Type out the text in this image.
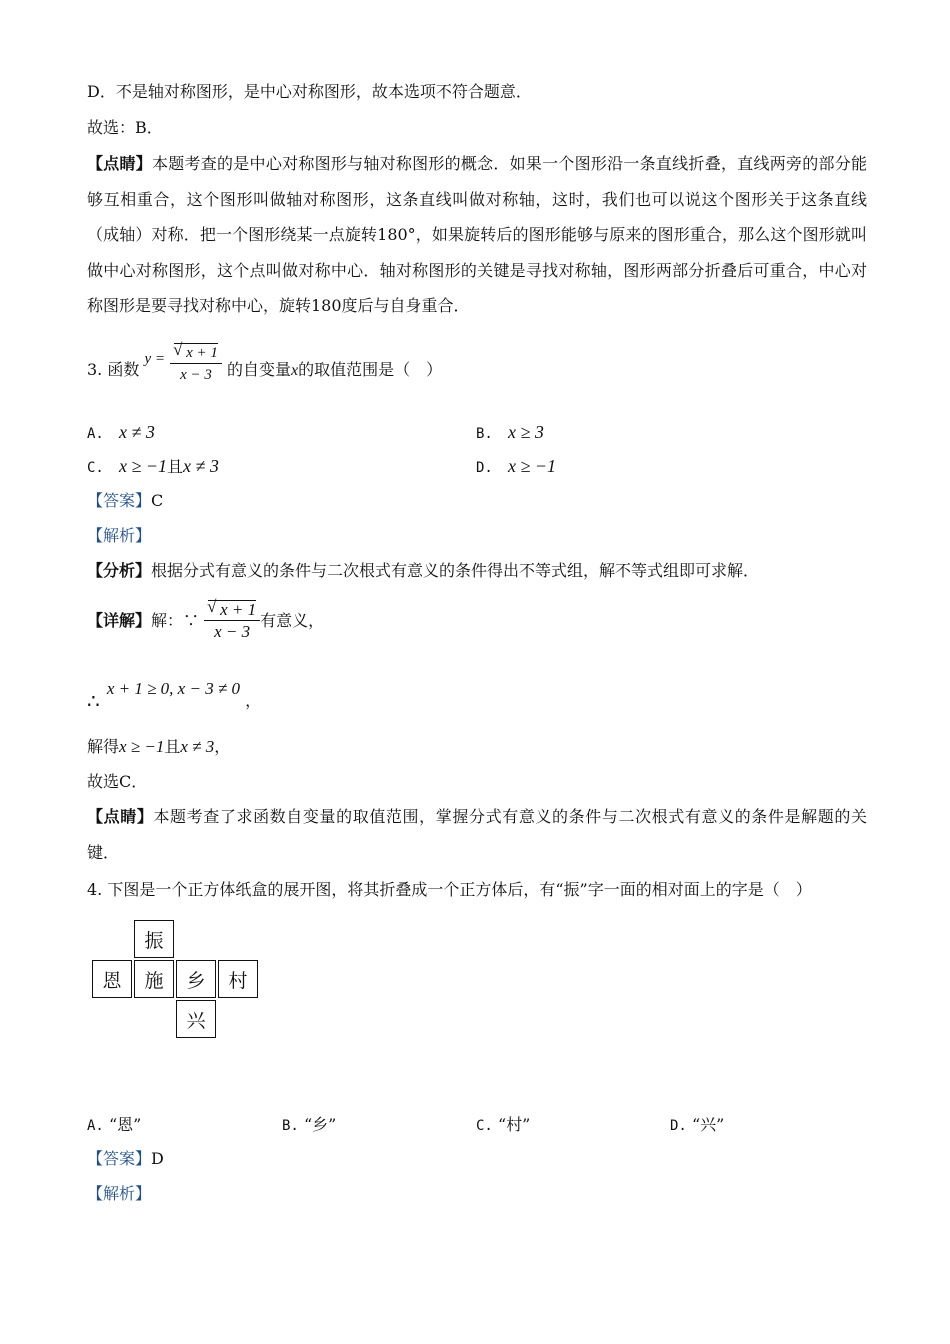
D．不是轴对称图形，是中心对称图形，故本选项不符合题意．
故选：B．
【点睛】本题考查的是中心对称图形与轴对称图形的概念．如果一个图形沿一条直线折叠，直线两旁的部分能够互相重合，这个图形叫做轴对称图形，这条直线叫做对称轴，这时，我们也可以说这个图形关于这条直线（成轴）对称．把一个图形绕某一点旋转180°，如果旋转后的图形能够与原来的图形重合，那么这个图形就叫做中心对称图形，这个点叫做对称中心．轴对称图形的关键是寻找对称轴，图形两部分折叠后可重合，中心对称图形是要寻找对称中心，旋转180度后与自身重合．
3. 函数 y = √ $\frac{x + 1}{x - 3}$ 的自变量x的取值范围是（　）
A. x ≠ 3	B. x ≥ 3
C. x ≥ −1且x ≠ 3	D. x ≥ −1
【答案】C
【解析】
【分析】根据分式有意义的条件与二次根式有意义的条件得出不等式组，解不等式组即可求解．
【详解】解：∵ √ $\frac{x + 1}{x - 3}$ 有意义，
∴ x + 1 ≥ 0, x − 3 ≠ 0 ，
解得x ≥ −1且x ≠ 3，
故选C．
【点睛】本题考查了求函数自变量的取值范围，掌握分式有意义的条件与二次根式有意义的条件是解题的关键．
4. 下图是一个正方体纸盒的展开图，将其折叠成一个正方体后，有“振”字一面的相对面上的字是（　）
振
恩	施	乡	村
兴
A. “恩”	B. “乡”	C. “村”	D. “兴”
【答案】D
【解析】
